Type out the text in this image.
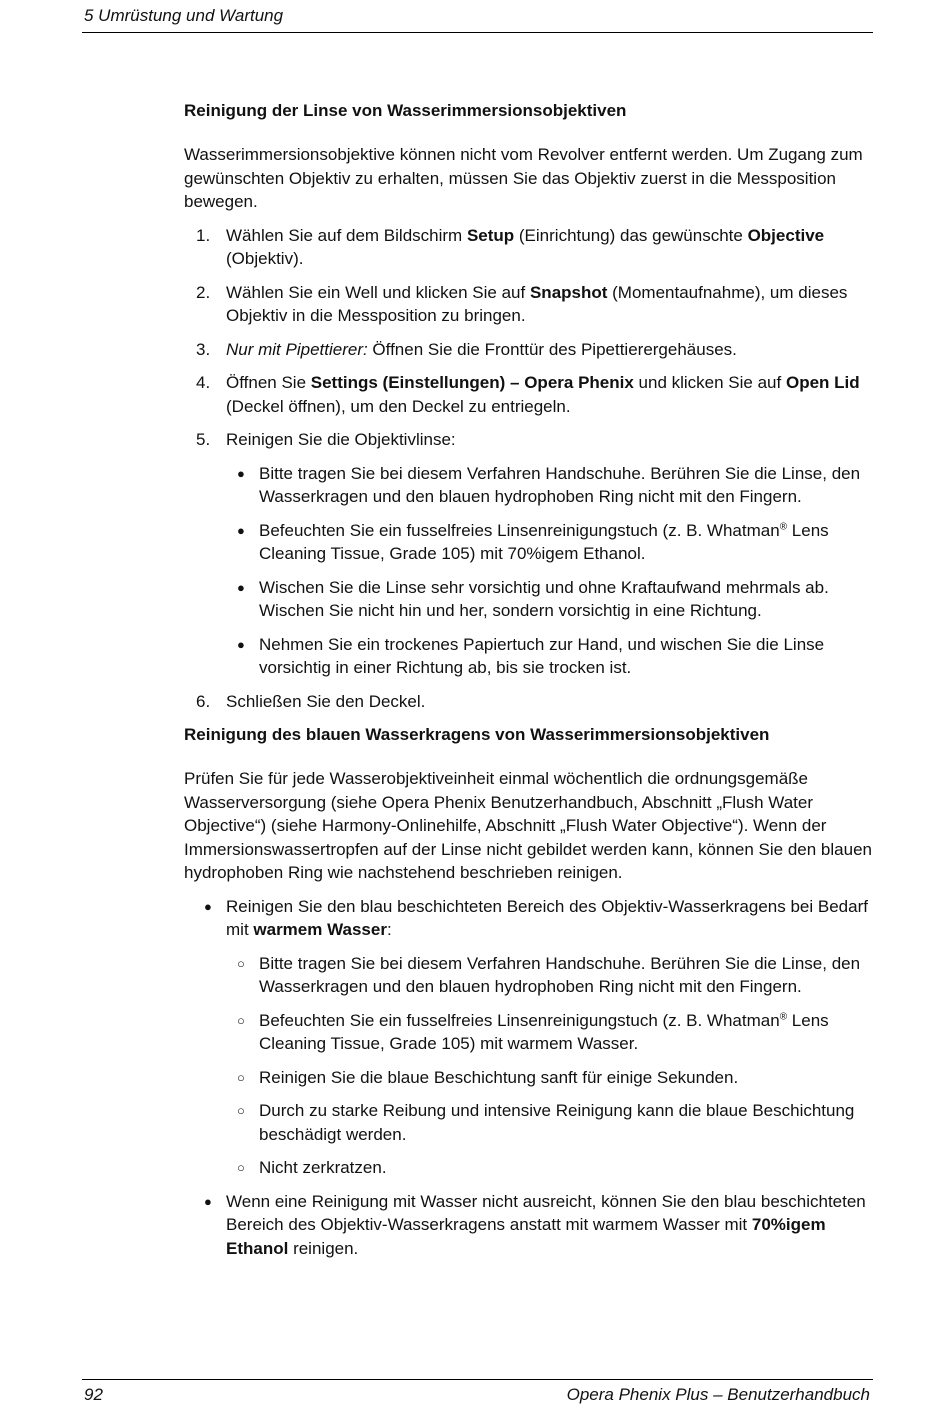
5 Umrüstung und Wartung
Reinigung der Linse von Wasserimmersionsobjektiven

Wasserimmersionsobjektive können nicht vom Revolver entfernt werden. Um Zugang zum gewünschten Objektiv zu erhalten, müssen Sie das Objektiv zuerst in die Messposition bewegen.

1. Wählen Sie auf dem Bildschirm Setup (Einrichtung) das gewünschte Objective (Objektiv).
2. Wählen Sie ein Well und klicken Sie auf Snapshot (Momentaufnahme), um dieses Objektiv in die Messposition zu bringen.
3. Nur mit Pipettierer: Öffnen Sie die Fronttür des Pipettierergehäuses.
4. Öffnen Sie Settings (Einstellungen) – Opera Phenix und klicken Sie auf Open Lid (Deckel öffnen), um den Deckel zu entriegeln.
5. Reinigen Sie die Objektivlinse:
● Bitte tragen Sie bei diesem Verfahren Handschuhe. Berühren Sie die Linse, den Wasserkragen und den blauen hydrophoben Ring nicht mit den Fingern.
● Befeuchten Sie ein fusselfreies Linsenreinigungstuch (z. B. Whatman® Lens Cleaning Tissue, Grade 105) mit 70%igem Ethanol.
● Wischen Sie die Linse sehr vorsichtig und ohne Kraftaufwand mehrmals ab. Wischen Sie nicht hin und her, sondern vorsichtig in eine Richtung.
● Nehmen Sie ein trockenes Papiertuch zur Hand, und wischen Sie die Linse vorsichtig in einer Richtung ab, bis sie trocken ist.
6. Schließen Sie den Deckel.
Reinigung des blauen Wasserkragens von Wasserimmersionsobjektiven

Prüfen Sie für jede Wasserobjektiveinheit einmal wöchentlich die ordnungsgemäße Wasserversorgung (siehe Opera Phenix Benutzerhandbuch, Abschnitt „Flush Water Objective“) (siehe Harmony-Onlinehilfe, Abschnitt „Flush Water Objective“). Wenn der Immersionswassertropfen auf der Linse nicht gebildet werden kann, können Sie den blauen hydrophoben Ring wie nachstehend beschrieben reinigen.

● Reinigen Sie den blau beschichteten Bereich des Objektiv-Wasserkragens bei Bedarf mit warmem Wasser:
○ Bitte tragen Sie bei diesem Verfahren Handschuhe. Berühren Sie die Linse, den Wasserkragen und den blauen hydrophoben Ring nicht mit den Fingern.
○ Befeuchten Sie ein fusselfreies Linsenreinigungstuch (z. B. Whatman® Lens Cleaning Tissue, Grade 105) mit warmem Wasser.
○ Reinigen Sie die blaue Beschichtung sanft für einige Sekunden.
○ Durch zu starke Reibung und intensive Reinigung kann die blaue Beschichtung beschädigt werden.
○ Nicht zerkratzen.
● Wenn eine Reinigung mit Wasser nicht ausreicht, können Sie den blau beschichteten Bereich des Objektiv-Wasserkragens anstatt mit warmem Wasser mit 70%igem Ethanol reinigen.
92	Opera Phenix Plus – Benutzerhandbuch
